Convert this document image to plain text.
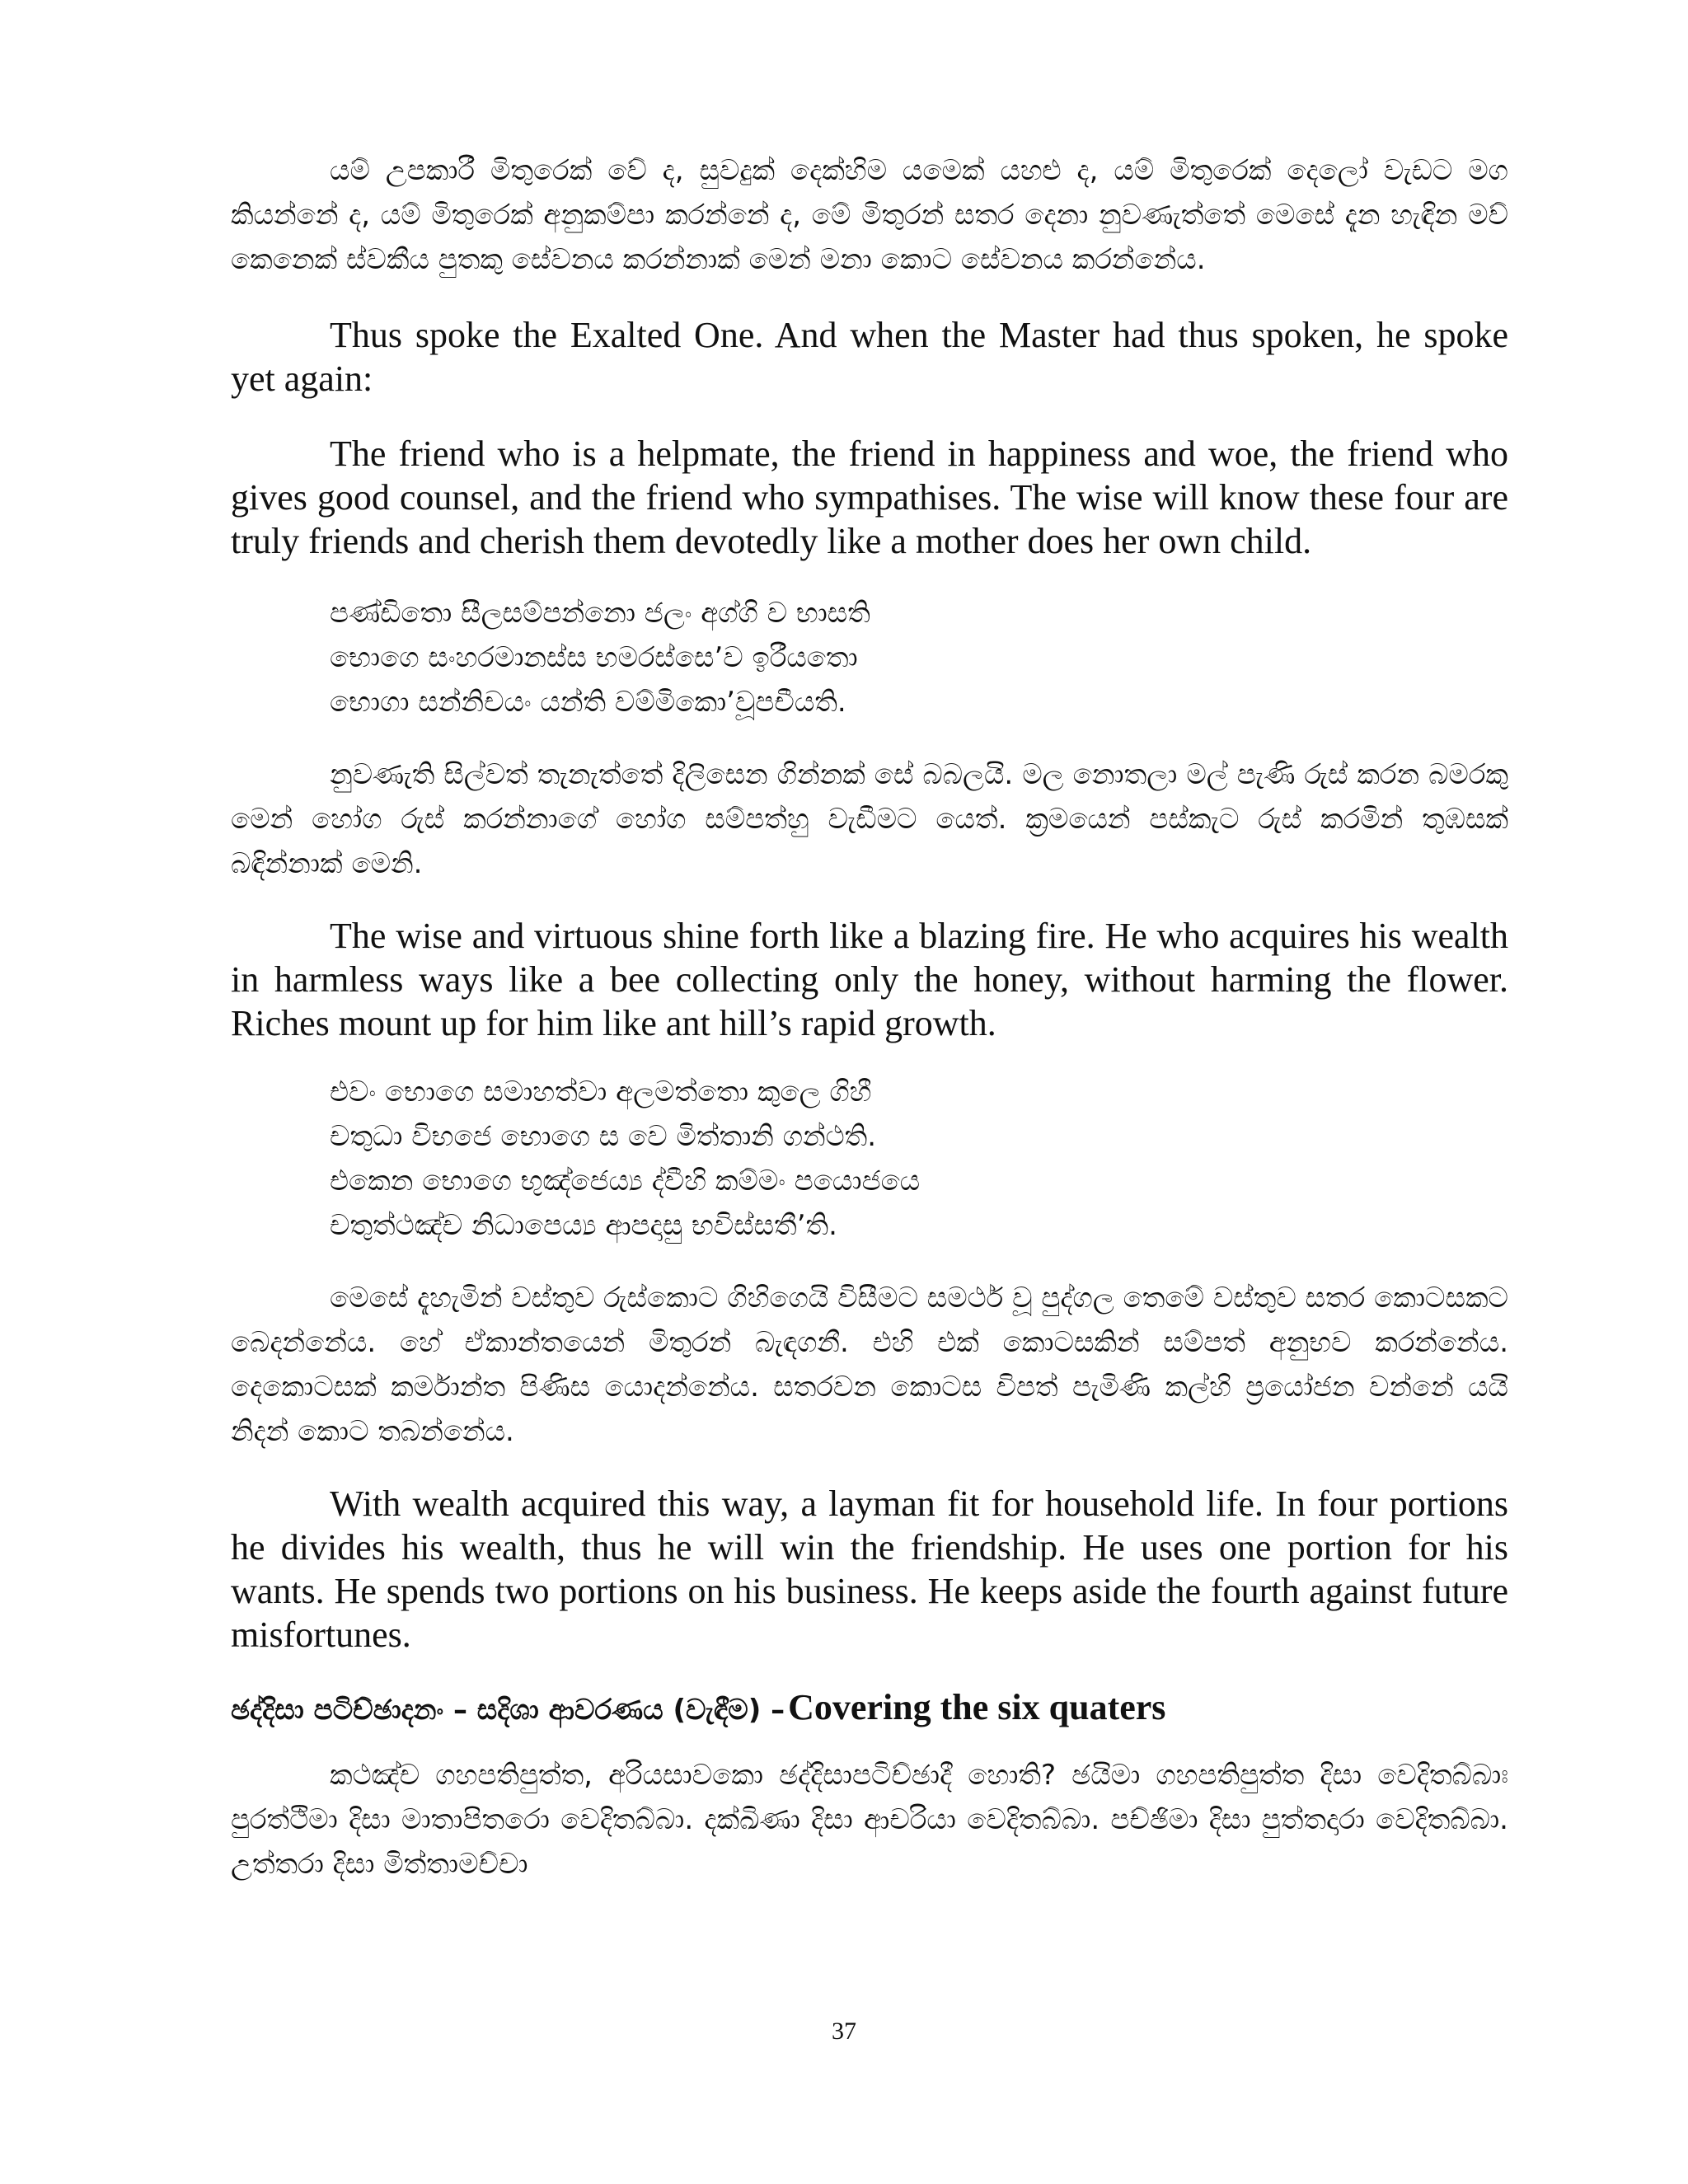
යම් උපකාරී මිතුරෙක් වේ ද, සුවදුක් දෙක්හිම යමෙක් යහළු ද, යම් මිතුරෙක් දෙලෝ වැඩට මග කියන්නේ ද, යම් මිතුරෙක් අනුකම්පා කරන්නේ ද, මේ මිතුරන් සතර දෙනා නුවණැත්තේ මෙසේ දැන හැඳින මව් කෙනෙක් ස්වකීය පුතකු සේවනය කරන්නාක් මෙන් මනා කොට සේවනය කරන්නේය.

Thus spoke the Exalted One. And when the Master had thus spoken, he spoke yet again:

The friend who is a helpmate, the friend in happiness and woe, the friend who gives good counsel, and the friend who sympathises. The wise will know these four are truly friends and cherish them devotedly like a mother does her own child.

පණ්ඩිතො සීලසම්පන්නො ජලං අග්ගි ව භාසති
භොගෙ සංහරමානස්ස භමරස්සෙ’ව ඉරීයතො
භොගා සන්නිචයං යන්ති වම්මිකො’වූපචීයති.

නුවණැති සිල්වත් තැනැත්තේ දිලිසෙන ගින්නක් සේ බබලයි. මල නොතලා මල් පැණි රුස් කරන බමරකු මෙන් හෝග රුස් කරන්නාගේ හෝග සම්පත්හු වැඩීමට යෙත්. ක්‍රමයෙන් පස්කැට රුස් කරමින් තුඹසක් බඳින්නාක් මෙනි.

The wise and virtuous shine forth like a blazing fire. He who acquires his wealth in harmless ways like a bee collecting only the honey, without harming the flower. Riches mount up for him like ant hill’s rapid growth.

එවං භොගෙ සමාහත්වා අලමත්තො කුලෙ ගිහී
චතුධා විභජෙ භොගෙ ස වෙ මිත්තානි ගන්ථති.
එකෙන භොගෙ භුඤ්ජෙය්‍ය ද්වීහි කම්මං පයොජයෙ
චතුත්ථඤ්ච නිධාපෙය්‍ය ආපදාසු භවිස්සතී’ති.

මෙසේ දැහැමින් වස්තුව රුස්කොට ගිහිගෙයි විසීමට සමර්ථ වූ පුද්ගල තෙමේ වස්තුව සතර කොටසකට බෙදන්නේය. හේ ඒකාන්තයෙන් මිතුරන් බැඳගනී. එහි එක් කොටසකින් සම්පත් අනුභව කරන්නේය. දෙකොටසක් කර්මාන්ත පිණිස යොදන්නේය. සතරවන කොටස විපත් පැමිණි කල්හි ප්‍රයෝජන වන්නේ යයි නිදන් කොට තබන්නේය.

With wealth acquired this way, a layman fit for household life. In four portions he divides his wealth, thus he will win the friendship. He uses one portion for his wants. He spends two portions on his business. He keeps aside the fourth against future misfortunes.

ඡද්දිසා පටිච්ඡාදනං – සදිශා ආවරණය (වැඳීම) – Covering the six quaters

කථඤ්ච ගහපතිපුත්ත, අරියසාවකො ඡද්දිසාපටිච්ඡාදී හොති? ඡයිමා ගහපතිපුත්ත දිසා වෙදිතබ්බාඃ පුරත්ථිමා දිසා මාතාපිතරො වෙදිතබ්බා. දක්ඛිණා දිසා ආචරියා වෙදිතබ්බා. පච්ඡිමා දිසා පුත්තදාරා වෙදිතබ්බා. උත්තරා දිසා මිත්තාමච්චා

37
